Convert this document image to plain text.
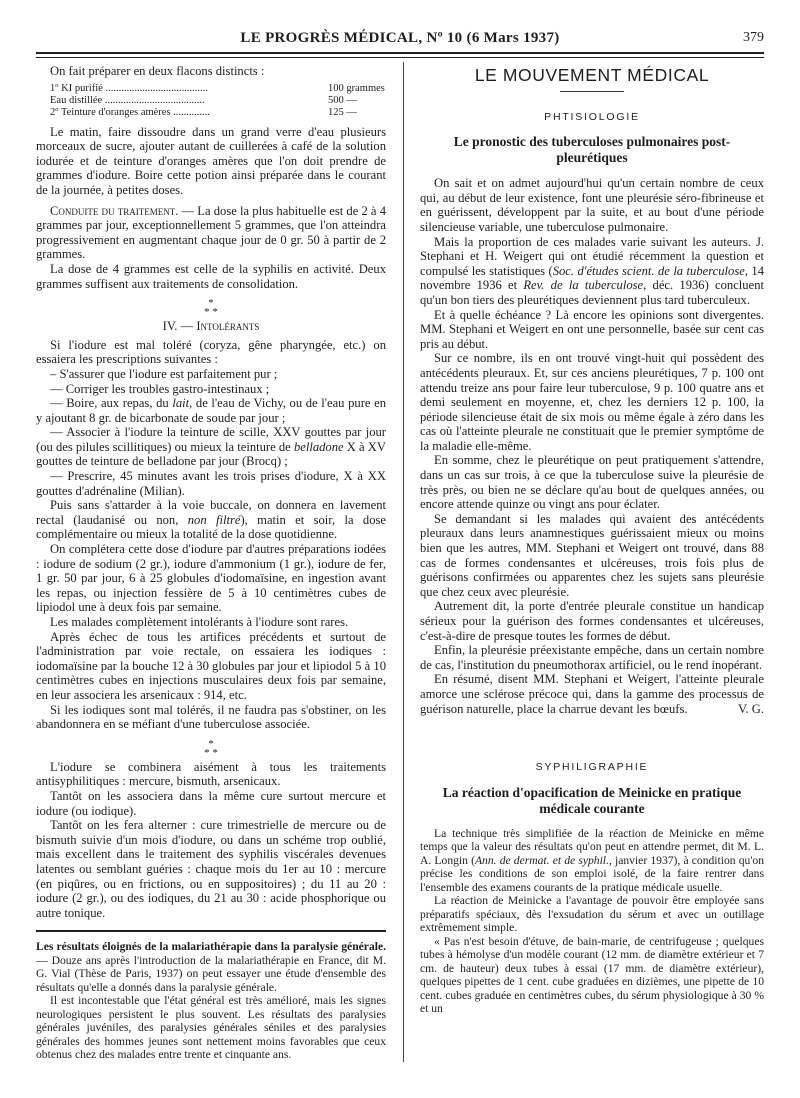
LE PROGRÈS MÉDICAL, Nº 10 (6 Mars 1937)	379

On fait préparer en deux flacons distincts :

1º KI purifié .......................................	100 grammes
Eau distillée ......................................	500 —
2º Teinture d'oranges amères ..............	125 —

Le matin, faire dissoudre dans un grand verre d'eau plusieurs morceaux de sucre, ajouter autant de cuillerées à café de la solution iodurée et de teinture d'oranges amères que l'on doit prendre de grammes d'iodure. Boire cette potion ainsi préparée dans le courant de la journée, à petites doses.

Conduite du traitement. — La dose la plus habituelle est de 2 à 4 grammes par jour, exceptionnellement 5 grammes, que l'on atteindra progressivement en augmentant chaque jour de 0 gr. 50 à partir de 2 grammes.

La dose de 4 grammes est celle de la syphilis en activité. Deux grammes suffisent aux traitements de consolidation.

*
* *

IV. — Intolérants

Si l'iodure est mal toléré (coryza, gêne pharyngée, etc.) on essaiera les prescriptions suivantes :

– S'assurer que l'iodure est parfaitement pur ;

— Corriger les troubles gastro-intestinaux ;

— Boire, aux repas, du lait, de l'eau de Vichy, ou de l'eau pure en y ajoutant 8 gr. de bicarbonate de soude par jour ;

— Associer à l'iodure la teinture de scille, XXV gouttes par jour (ou des pilules scillitiques) ou mieux la teinture de belladone X à XV gouttes de teinture de belladone par jour (Brocq) ;

— Prescrire, 45 minutes avant les trois prises d'iodure, X à XX gouttes d'adrénaline (Milian).

Puis sans s'attarder à la voie buccale, on donnera en lavement rectal (laudanisé ou non, non filtré), matin et soir, la dose complémentaire ou mieux la totalité de la dose quotidienne.

On complétera cette dose d'iodure par d'autres préparations iodées : iodure de sodium (2 gr.), iodure d'ammonium (1 gr.), iodure de fer, 1 gr. 50 par jour, 6 à 25 globules d'iodomaïsine, en ingestion avant les repas, ou injection fessière de 5 à 10 centimètres cubes de lipiodol une à deux fois par semaine.

Les malades complètement intolérants à l'iodure sont rares.

Après échec de tous les artifices précédents et surtout de l'administration par voie rectale, on essaiera les iodiques : iodomaïsine par la bouche 12 à 30 globules par jour et lipiodol 5 à 10 centimètres cubes en injections musculaires deux fois par semaine, en leur associera les arsenicaux : 914, etc.

Si les iodiques sont mal tolérés, il ne faudra pas s'obstiner, on les abandonnera en se méfiant d'une tuberculose associée.

*
* *

L'iodure se combinera aisément à tous les traitements antisyphilitiques : mercure, bismuth, arsenicaux.

Tantôt on les associera dans la même cure surtout mercure et iodure (ou iodique).

Tantôt on les fera alterner : cure trimestrielle de mercure ou de bismuth suivie d'un mois d'iodure, ou dans un schéme trop oublié, mais excellent dans le traitement des syphilis viscérales devenues latentes ou semblant guéries : chaque mois du 1er au 10 : mercure (en piqûres, ou en frictions, ou en suppositoires) ; du 11 au 20 : iodure (2 gr.), ou des iodiques, du 21 au 30 : acide phosphorique ou autre tonique.

Les résultats éloignés de la malariathérapie dans la paralysie générale. — Douze ans après l'introduction de la malariathérapie en France, dit M. G. Vial (Thèse de Paris, 1937) on peut essayer une étude d'ensemble des résultats qu'elle a donnés dans la paralysie générale.

Il est incontestable que l'état général est très amélioré, mais les signes neurologiques persistent le plus souvent. Les résultats des paralysies générales juvéniles, des paralysies générales séniles et des paralysies générales des hommes jeunes sont nettement moins favorables que ceux obtenus chez des malades entre trente et cinquante ans.

LE MOUVEMENT MÉDICAL
PHTISIOLOGIE
Le pronostic des tuberculoses pulmonaires post-pleurétiques

On sait et on admet aujourd'hui qu'un certain nombre de ceux qui, au début de leur existence, font une pleurésie séro-fibrineuse et en guérissent, développent par la suite, et au bout d'une période silencieuse variable, une tuberculose pulmonaire.

Mais la proportion de ces malades varie suivant les auteurs. J. Stephani et H. Weigert qui ont étudié récemment la question et compulsé les statistiques (Soc. d'études scient. de la tuberculose, 14 novembre 1936 et Rev. de la tuberculose, déc. 1936) concluent qu'un bon tiers des pleurétiques deviennent plus tard tuberculeux.

Et à quelle échéance ? Là encore les opinions sont divergentes. MM. Stephani et Weigert en ont une personnelle, basée sur cent cas pris au début.

Sur ce nombre, ils en ont trouvé vingt-huit qui possèdent des antécédents pleuraux. Et, sur ces anciens pleurétiques, 7 p. 100 ont attendu treize ans pour faire leur tuberculose, 9 p. 100 quatre ans et demi seulement en moyenne, et, chez les derniers 12 p. 100, la période silencieuse était de six mois ou même égale à zéro dans les cas où l'atteinte pleurale ne constituait que le premier symptôme de la maladie elle-même.

En somme, chez le pleurétique on peut pratiquement s'attendre, dans un cas sur trois, à ce que la tuberculose suive la pleurésie de très près, ou bien ne se déclare qu'au bout de quelques années, ou encore attende quinze ou vingt ans pour éclater.

Se demandant si les malades qui avaient des antécédents pleuraux dans leurs anamnestiques guérissaient mieux ou moins bien que les autres, MM. Stephani et Weigert ont trouvé, dans 88 cas de formes condensantes et ulcéreuses, trois fois plus de guérisons confirmées ou apparentes chez les sujets sans pleurésie que chez ceux avec pleurésie.

Autrement dit, la porte d'entrée pleurale constitue un handicap sérieux pour la guérison des formes condensantes et ulcéreuses, c'est-à-dire de presque toutes les formes de début.

Enfin, la pleurésie préexistante empêche, dans un certain nombre de cas, l'institution du pneumothorax artificiel, ou le rend inopérant.

En résumé, disent MM. Stephani et Weigert, l'atteinte pleurale amorce une sclérose précoce qui, dans la gamme des processus de guérison naturelle, place la charrue devant les bœufs.	V. G.

SYPHILIGRAPHIE
La réaction d'opacification de Meinicke en pratique médicale courante

La technique très simplifiée de la réaction de Meinicke en même temps que la valeur des résultats qu'on peut en attendre permet, dit M. L. A. Longin (Ann. de dermat. et de syphil., janvier 1937), à condition qu'on précise les conditions de son emploi isolé, de la faire rentrer dans l'ensemble des examens courants de la pratique médicale usuelle.

La réaction de Meinicke a l'avantage de pouvoir être employée sans préparatifs spéciaux, dès l'exsudation du sérum et avec un outillage extrêmement simple.

« Pas n'est besoin d'étuve, de bain-marie, de centrifugeuse ; quelques tubes à hémolyse d'un modèle courant (12 mm. de diamètre extérieur et 7 cm. de hauteur) deux tubes à essai (17 mm. de diamètre extérieur), quelques pipettes de 1 cent. cube graduées en dizièmes, une pipette de 10 cent. cubes graduée en centimètres cubes, du sérum physiologique à 30 % et un
